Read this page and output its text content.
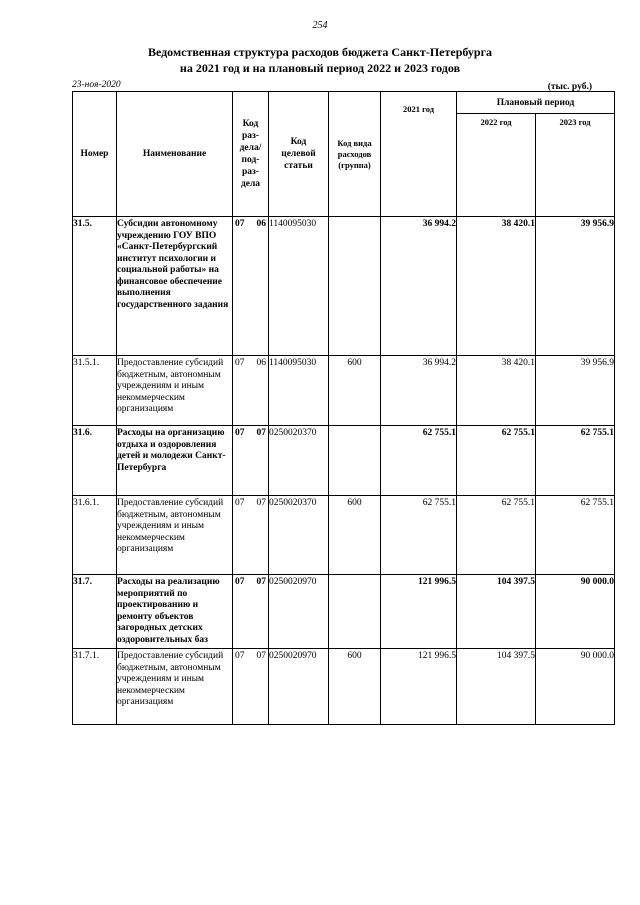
254
Ведомственная структура расходов бюджета Санкт-Петербурга
на 2021 год и на плановый период 2022 и 2023 годов
23-ноя-2020	(тыс. руб.)
Номер	Наименование	Код раз-дела/ под-раз-дела	Код целевой статьи	Код вида расходов (группа)	2021 год	Плановый период	
						2022 год	2023 год
31.5.	Субсидии автономному учреждению ГОУ ВПО «Санкт-Петербургский институт психологии и социальной работы» на финансовое обеспечение выполнения государственного задания	07 06	1140095030		36 994.2	38 420.1	39 956.9
31.5.1.	Предоставление субсидий бюджетным, автономным учреждениям и иным некоммерческим организациям	07 06	1140095030	600	36 994.2	38 420.1	39 956.9
31.6.	Расходы на организацию отдыха и оздоровления детей и молодежи Санкт-Петербурга	07 07	0250020370		62 755.1	62 755.1	62 755.1
31.6.1.	Предоставление субсидий бюджетным, автономным учреждениям и иным некоммерческим организациям	07 07	0250020370	600	62 755.1	62 755.1	62 755.1
31.7.	Расходы на реализацию мероприятий по проектированию и ремонту объектов загородных детских оздоровительных баз	07 07	0250020970		121 996.5	104 397.5	90 000.0
31.7.1.	Предоставление субсидий бюджетным, автономным учреждениям и иным некоммерческим организациям	07 07	0250020970	600	121 996.5	104 397.5	90 000.0
